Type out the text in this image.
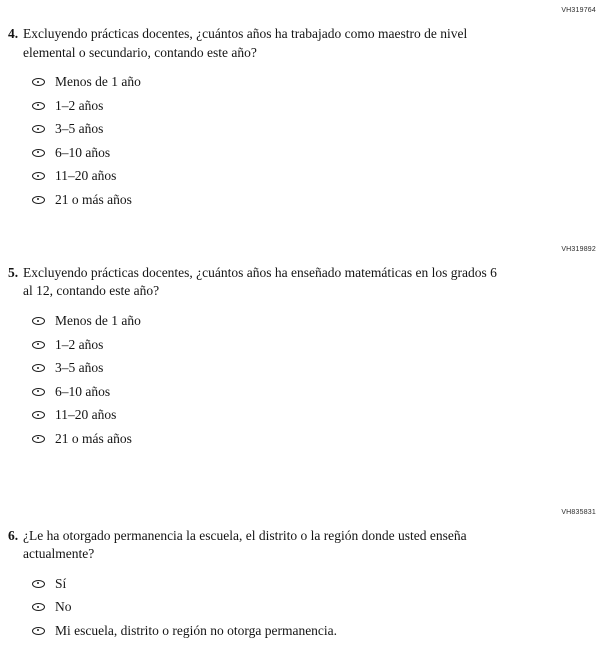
VH319764
4. Excluyendo prácticas docentes, ¿cuántos años ha trabajado como maestro de nivel elemental o secundario, contando este año?
Menos de 1 año
1–2 años
3–5 años
6–10 años
11–20 años
21 o más años
VH319892
5. Excluyendo prácticas docentes, ¿cuántos años ha enseñado matemáticas en los grados 6 al 12, contando este año?
Menos de 1 año
1–2 años
3–5 años
6–10 años
11–20 años
21 o más años
VH835831
6. ¿Le ha otorgado permanencia la escuela, el distrito o la región donde usted enseña actualmente?
Sí
No
Mi escuela, distrito o región no otorga permanencia.
